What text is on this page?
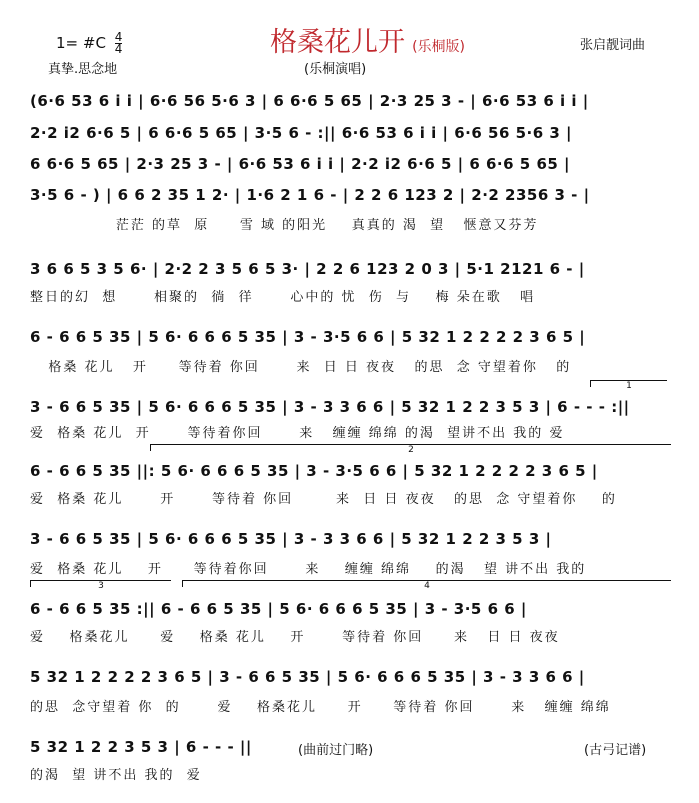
1= #C $\frac{4}{4}$
真挚.思念地
格桑花儿开 (乐桐版)
(乐桐演唱)
张启靓词曲
(6·6 53 6 i i | 6·6 56 5·6 3 | 6 6·6 5 65 | 2·3 25 3 - | 6·6 53 6 i i |
2·2 i2 6·6 5 | 6 6·6 5 65 | 3·5 6 - :|| 6·6 53 6 i i | 6·6 56 5·6 3 |
6 6·6 5 65 | 2·3 25 3 - | 6·6 53 6 i i | 2·2 i2 6·6 5 | 6 6·6 5 65 |
3·5 6 - ) | 6 6 2 35 1 2· | 1·6 2 1 6 - | 2 2 6 123 2 | 2·2 2356 3 - |
茫茫 的草  原     雪 域 的阳光    真真的 渴  望   惬意又芬芳
3 6 6 5 3 5 6· | 2·2 2 3 5 6 5 3· | 2 2 6 123 2 0 3 | 5·1 2121 6 - |
整日的幻  想      相聚的  徜  徉      心中的 忧  伤  与    梅 朵在歌   唱
6 - 6 6 5 35 | 5 6· 6 6 6 5 35 | 3 - 3·5 6 6 | 5 32 1 2 2 2 2 3 6 5 |
格桑 花儿   开     等待着 你回      来  日 日 夜夜   的思  念 守望着你   的
1
3 - 6 6 5 35 | 5 6· 6 6 6 5 35 | 3 - 3 3 6 6 | 5 32 1 2 2 3 5 3 | 6 - - - :||
爱  格桑 花儿  开      等待着你回      来   缠缠 绵绵 的渴  望讲不出 我的 爱
2
6 - 6 6 5 35 ||: 5 6· 6 6 6 5 35 | 3 - 3·5 6 6 | 5 32 1 2 2 2 2 3 6 5 |
爱  格桑 花儿      开      等待着 你回       来  日 日 夜夜   的思  念 守望着你    的
3 - 6 6 5 35 | 5 6· 6 6 6 5 35 | 3 - 3 3 6 6 | 5 32 1 2 2 3 5 3 |
爱  格桑 花儿    开     等待着你回      来    缠缠 绵绵    的渴   望 讲不出 我的
3	4
6 - 6 6 5 35 :|| 6 - 6 6 5 35 | 5 6· 6 6 6 5 35 | 3 - 3·5 6 6 |
爱    格桑花儿     爱    格桑 花儿    开      等待着 你回     来   日 日 夜夜
5 32 1 2 2 2 2 3 6 5 | 3 - 6 6 5 35 | 5 6· 6 6 6 5 35 | 3 - 3 3 6 6 |
的思  念守望着 你  的      爱    格桑花儿     开     等待着 你回      来   缠缠 绵绵
5 32 1 2 2 3 5 3 | 6 - - - ||
的渴  望 讲不出 我的  爱
(曲前过门略)	(古弓记谱)
